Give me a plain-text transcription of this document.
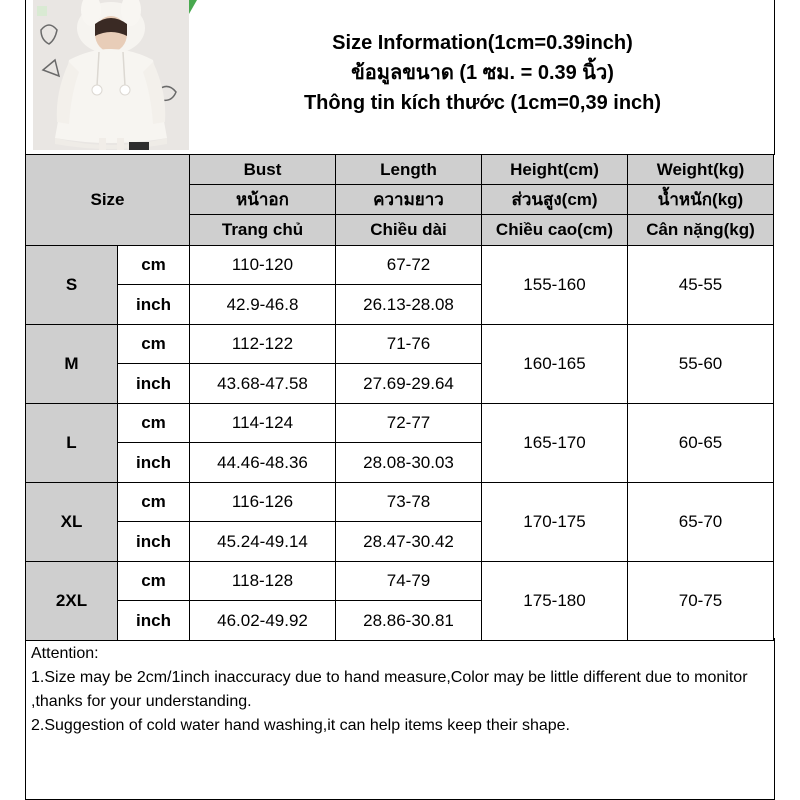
Size Information(1cm=0.39inch)
ข้อมูลขนาด (1 ซม. = 0.39 นิ้ว)
Thông tin kích thước (1cm=0,39 inch)
Size		Bust	Length	Height(cm)	Weight(kg)
		หน้าอก	ความยาว	ส่วนสูง(cm)	น้ำหนัก(kg)
		Trang chủ	Chiều dài	Chiều cao(cm)	Cân nặng(kg)
S	cm	110-120	67-72	155-160	45-55
	inch	42.9-46.8	26.13-28.08		
M	cm	112-122	71-76	160-165	55-60
	inch	43.68-47.58	27.69-29.64		
L	cm	114-124	72-77	165-170	60-65
	inch	44.46-48.36	28.08-30.03		
XL	cm	116-126	73-78	170-175	65-70
	inch	45.24-49.14	28.47-30.42		
2XL	cm	118-128	74-79	175-180	70-75
	inch	46.02-49.92	28.86-30.81		
Attention:
1.Size may be 2cm/1inch inaccuracy due to hand measure,Color may be little different due to monitor ,thanks for your understanding.
2.Suggestion of cold water hand washing,it can help items keep their shape.
